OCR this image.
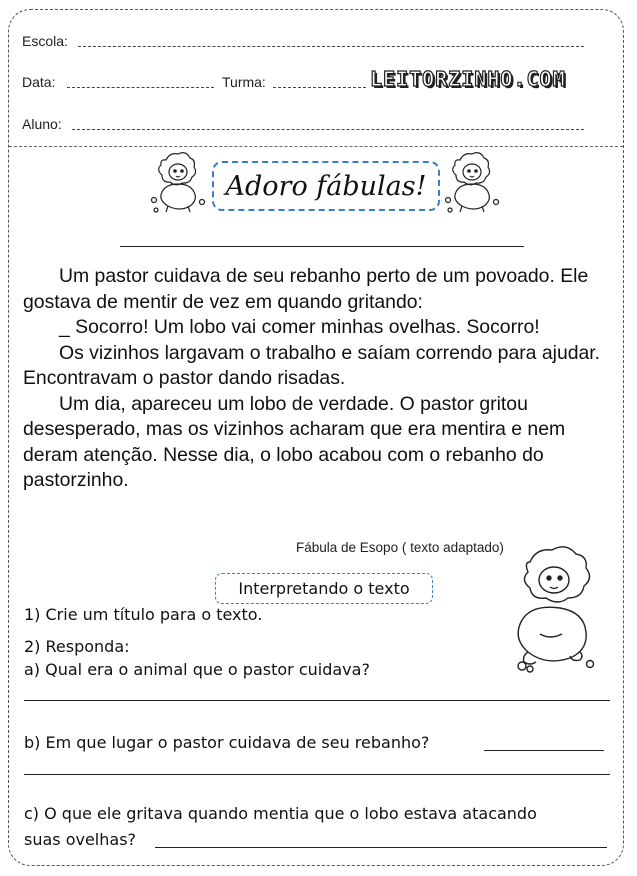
Escola:
Data:	Turma:	LEITORZINHO.COM
Aluno:
Adoro fábulas!

Um pastor cuidava de seu rebanho perto de um povoado. Ele gostava de mentir de vez em quando gritando:

_ Socorro! Um lobo vai comer minhas ovelhas. Socorro!

Os vizinhos largavam o trabalho e saíam correndo para ajudar. Encontravam o pastor dando risadas.

Um dia, apareceu um lobo de verdade. O pastor gritou desesperado, mas os vizinhos acharam que era mentira e nem deram atenção. Nesse dia, o lobo acabou com o rebanho do pastorzinho.

Fábula de Esopo ( texto adaptado)
Interpretando o texto
1) Crie um título para o texto.
2) Responda:
a) Qual era o animal que o pastor cuidava?
b) Em que lugar o pastor cuidava de seu rebanho?
c) O que ele gritava quando mentia que o lobo estava atacando
suas ovelhas?
